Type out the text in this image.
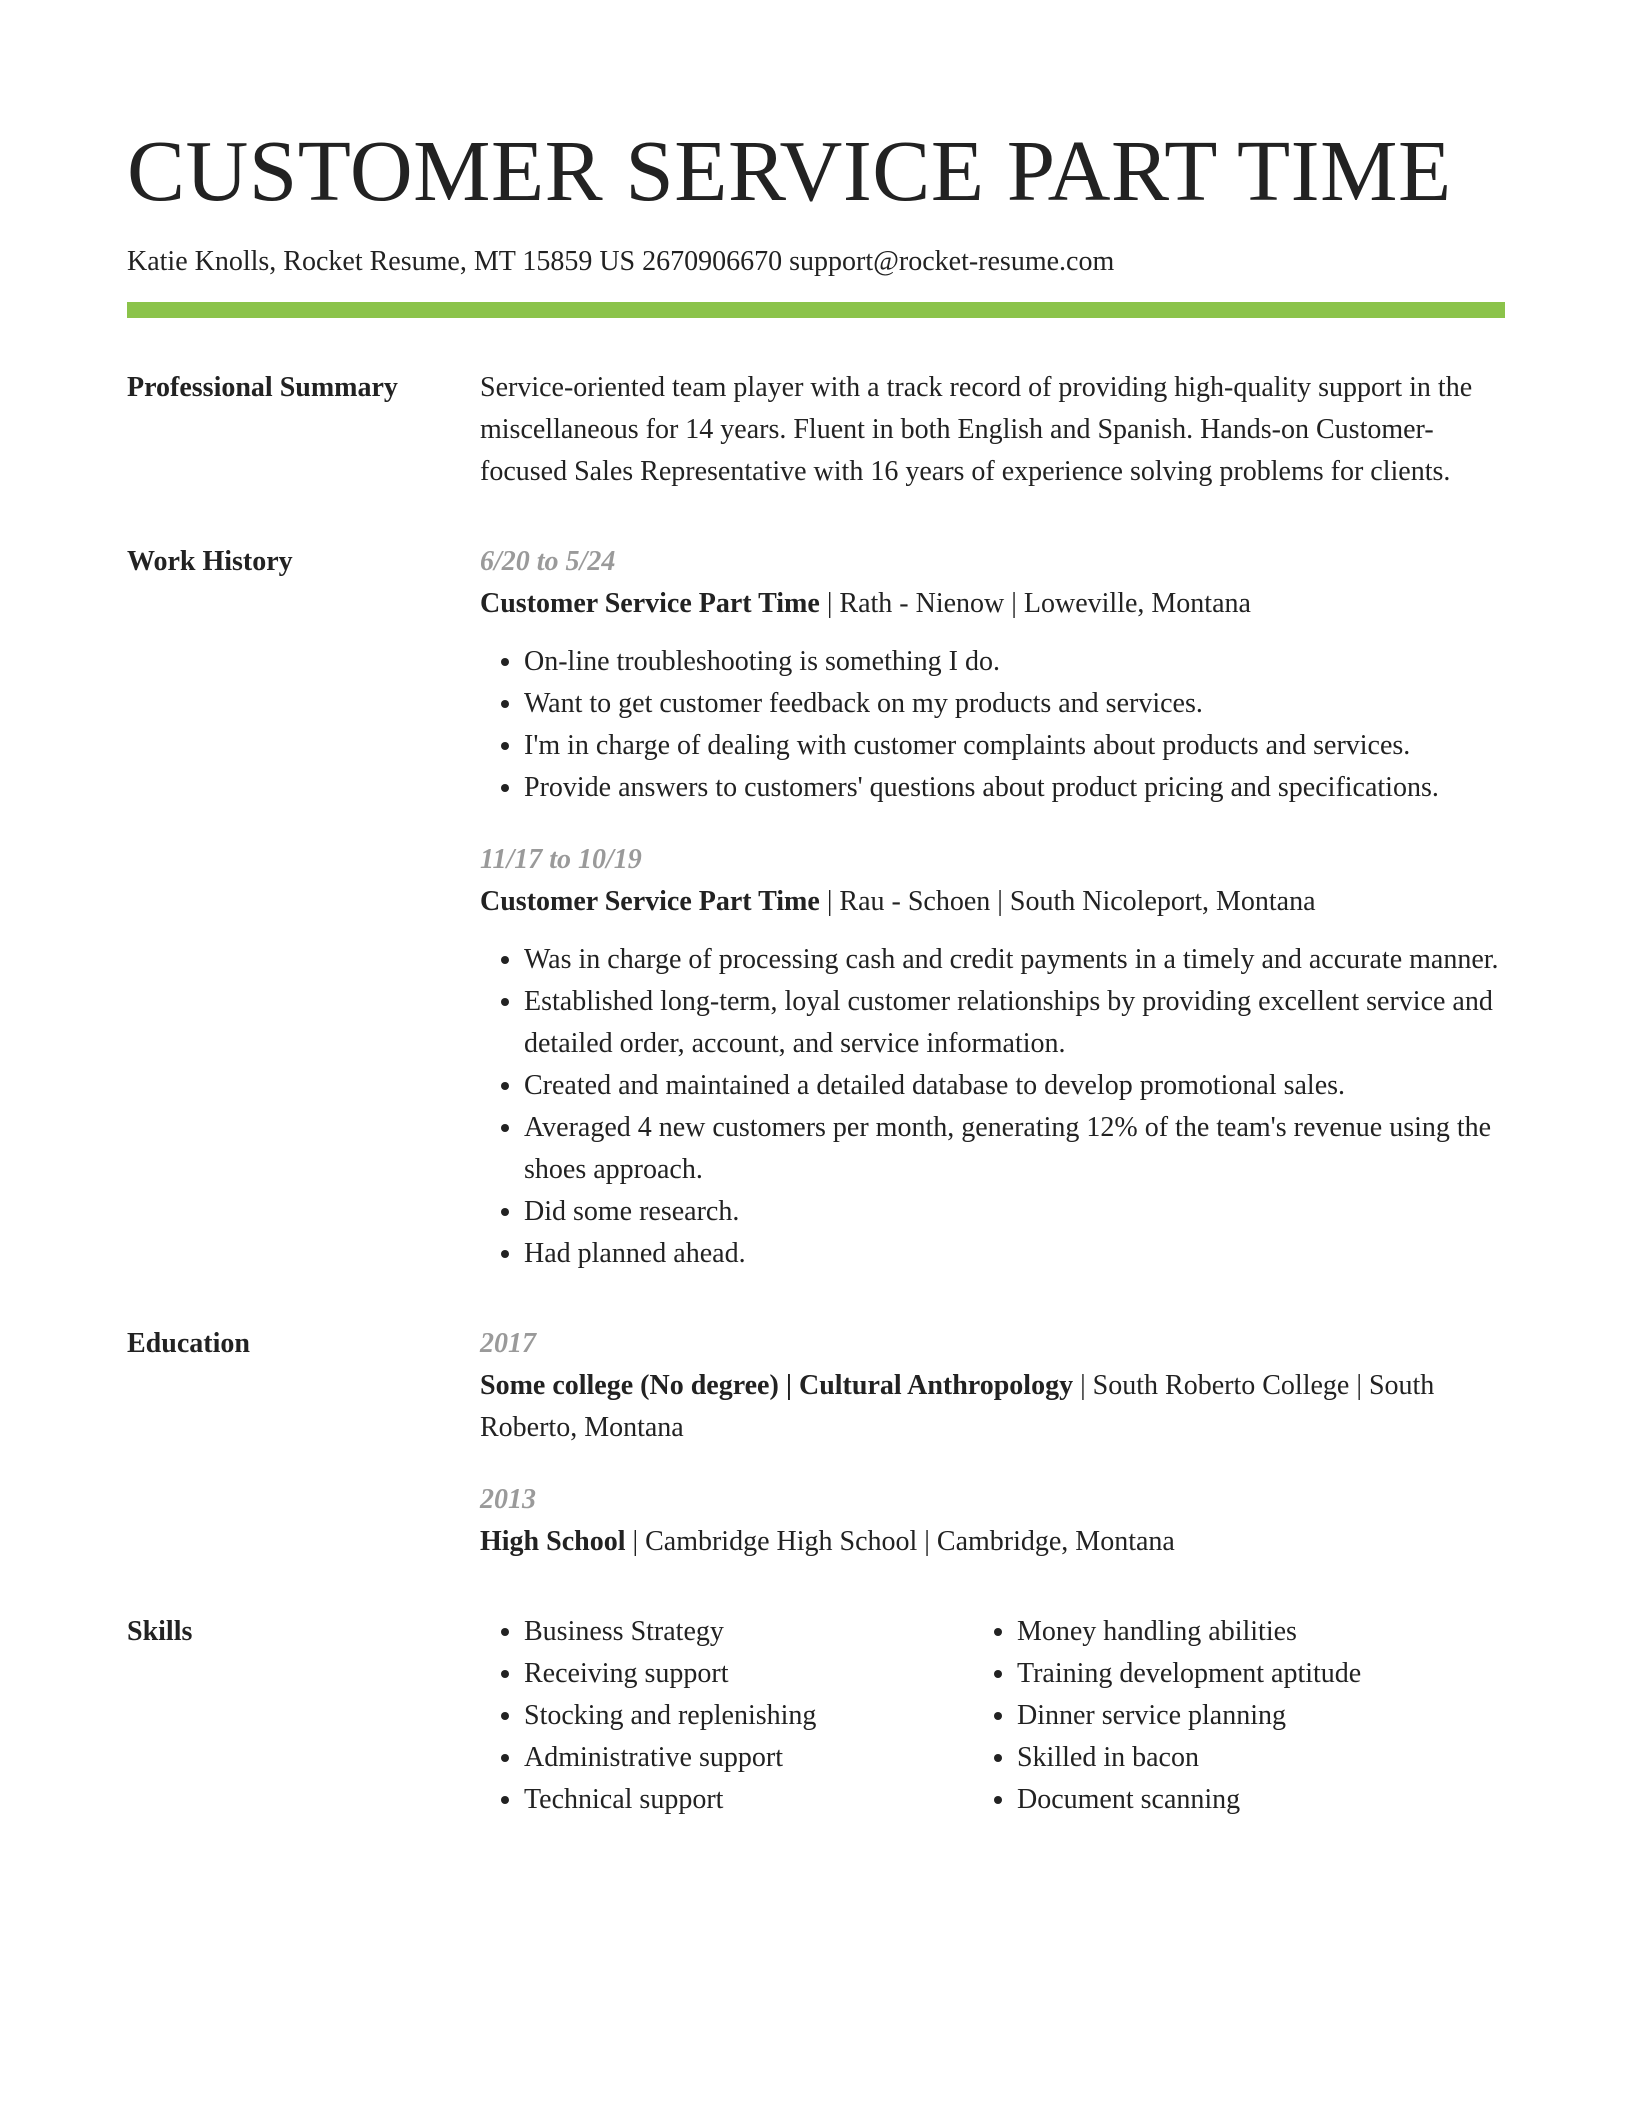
CUSTOMER SERVICE PART TIME
Katie Knolls, Rocket Resume, MT 15859 US 2670906670 support@rocket-resume.com
Professional Summary	Service-oriented team player with a track record of providing high-quality support in the miscellaneous for 14 years. Fluent in both English and Spanish. Hands-on Customer-focused Sales Representative with 16 years of experience solving problems for clients.

Work History	6/20 to 5/24

Customer Service Part Time | Rath - Nienow | Loweville, Montana

• On-line troubleshooting is something I do.
• Want to get customer feedback on my products and services.
• I'm in charge of dealing with customer complaints about products and services.
• Provide answers to customers' questions about product pricing and specifications.
11/17 to 10/19

Customer Service Part Time | Rau - Schoen | South Nicoleport, Montana

• Was in charge of processing cash and credit payments in a timely and accurate manner.
• Established long-term, loyal customer relationships by providing excellent service and detailed order, account, and service information.
• Created and maintained a detailed database to develop promotional sales.
• Averaged 4 new customers per month, generating 12% of the team's revenue using the shoes approach.
• Did some research.
• Had planned ahead.
Education	2017

Some college (No degree) | Cultural Anthropology | South Roberto College | South Roberto, Montana

2013

High School | Cambridge High School | Cambridge, Montana

Skills
•	Business Strategy
• Receiving support
• Stocking and replenishing
• Administrative support
• Technical support
• Money handling abilities
• Training development aptitude
• Dinner service planning
• Skilled in bacon
• Document scanning
